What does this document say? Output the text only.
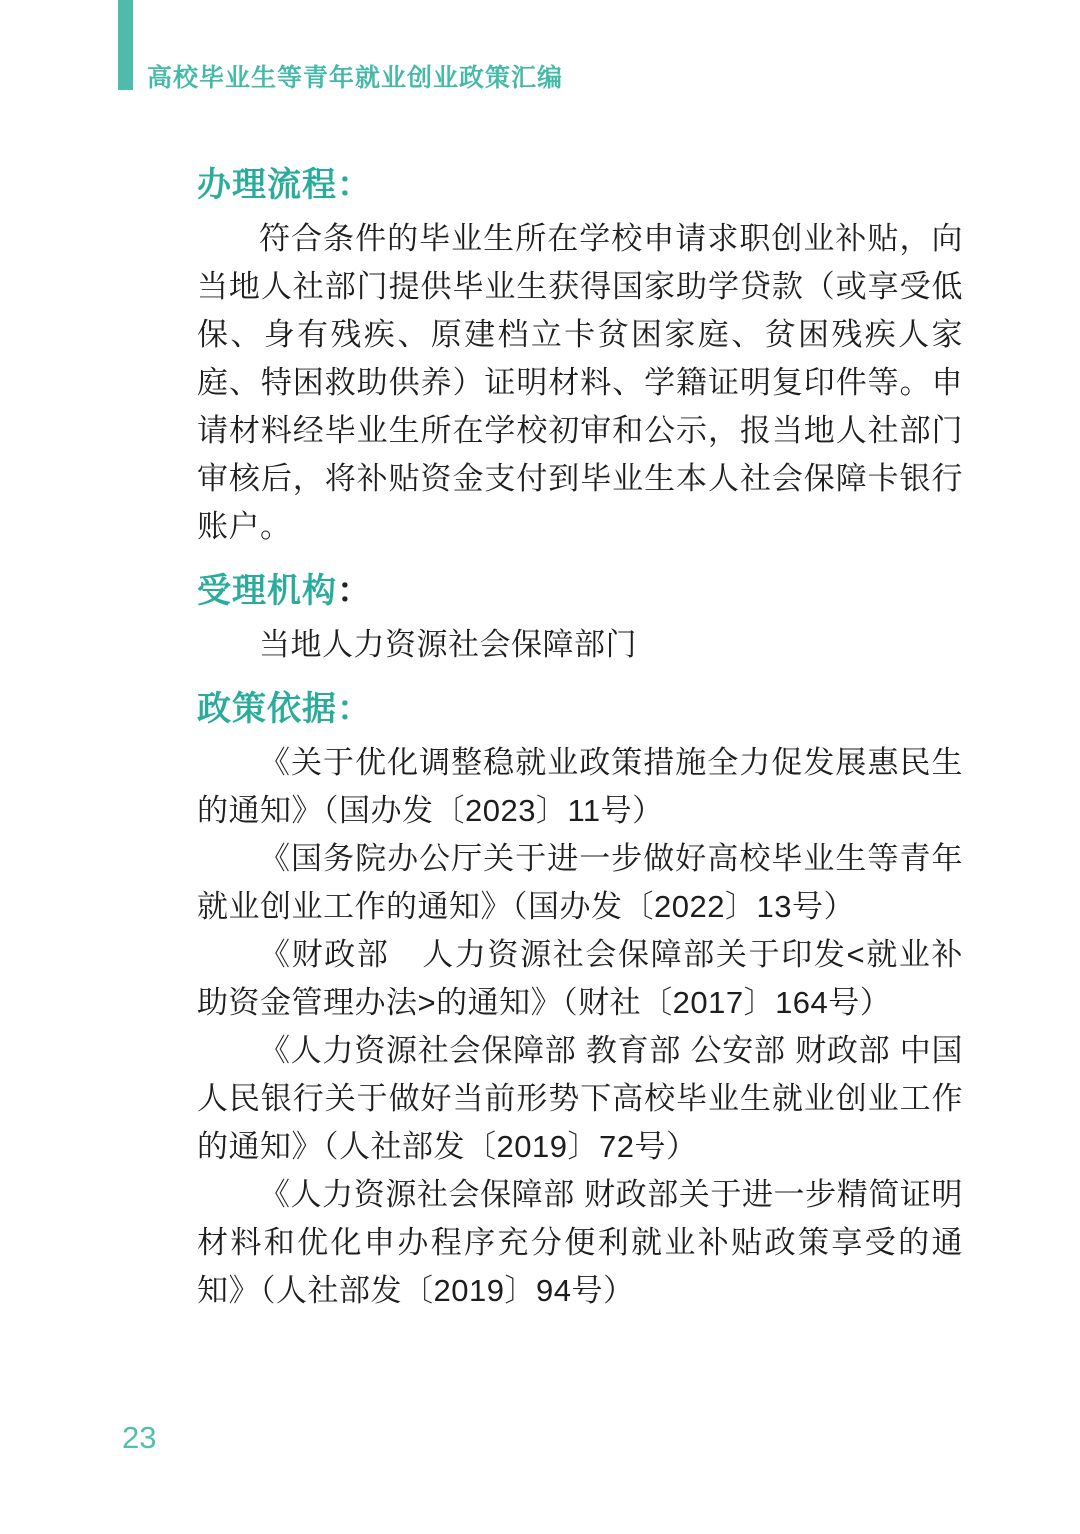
高校毕业生等青年就业创业政策汇编
办理流程：

符合条件的毕业生所在学校申请求职创业补贴，向当地人社部门提供毕业生获得国家助学贷款（或享受低保、身有残疾、原建档立卡贫困家庭、贫困残疾人家庭、特困救助供养）证明材料、学籍证明复印件等。申请材料经毕业生所在学校初审和公示，报当地人社部门审核后，将补贴资金支付到毕业生本人社会保障卡银行账户。

受理机构：

当地人力资源社会保障部门

政策依据：

《关于优化调整稳就业政策措施全力促发展惠民生的通知》（国办发〔2023〕11号）

《国务院办公厅关于进一步做好高校毕业生等青年就业创业工作的通知》（国办发〔2022〕13号）

《财政部　人力资源社会保障部关于印发<就业补助资金管理办法>的通知》（财社〔2017〕164号）

《人力资源社会保障部 教育部 公安部 财政部 中国人民银行关于做好当前形势下高校毕业生就业创业工作的通知》（人社部发〔2019〕72号）

《人力资源社会保障部 财政部关于进一步精简证明材料和优化申办程序充分便利就业补贴政策享受的通知》（人社部发〔2019〕94号）

23
